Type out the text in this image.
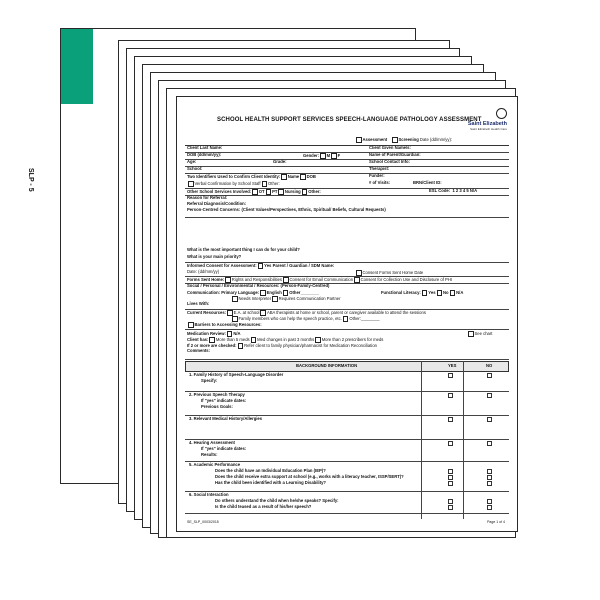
SLP - 5
SCHOOL HEALTH SUPPORT SERVICES SPEECH-LANGUAGE PATHOLOGY ASSESSMENT

Saint Elizabeth
Saint Elizabeth Health Care
Assessment	Screening Date (dd/mm/yy):
Client Last Name:	Client Given Name/s:
DOB (dd/mm/yy):	Gender: M F	Name of Parent/Guardian:
Age:	Grade:	School Contact Info:
School:	Therapist:
Two Identifiers Used to Confirm Client Identity: Name DOB	Funder:
Verbal Confirmation by School Staff Other:	# of Visits:	BRN/Client ID:
Other School Services Involved: OT PT Nursing Other:	ESL Code: 1 2 3 4 5 N/A
Reason for Referral:
Referral Diagnosis/Condition:
Person-Centred Concerns: (Client Values/Perspectives, Ethnic, Spiritual/ Beliefs, Cultural Requests)
What is the most important thing I can do for your child?
What is your main priority?
Informed Consent for Assessment: Yes Parent / Guardian / SDM Name:
Date: (dd/mm/yy)	Consent Forms Sent Home Date
Forms Sent Home: Rights and Responsibilities Consent for Email Communication Consent for Collection Use and Disclosure of PHI
Social / Personal / Environmental / Resources: (Person-Family-Centred)
Communication: Primary Language: English Other________	Functional Literacy: Yes No N/A
Needs Interpreter Requires Communication Partner
Lives With:
Current Resources: E.A. at school ABA therapists at home or school, parent or caregiver available to attend the sessions
Family members who can help the speech practice, etc. Other:________
Barriers to Accessing Resources:
Medication Review: N/A	See chart
Client has: More than 5 meds Med changes in past 3 months More than 2 prescribers for meds
If 2 or more are checked: Refer client to family physician/pharmacist for Medication Reconciliation
Comments:
BACKGROUND INFORMATION	YES	NO
1. Family History of Speech-Language Disorder
Specify:
2. Previous Speech Therapy
If "yes" indicate dates:
Previous Goals:
3. Relevant Medical History/Allergies
4. Hearing Assessment
If "yes" indicate dates:
Results:
5. Academic Performance
Does the child have an Individual Education Plan (IEP)?
Does the child receive extra support at school (e.g., works with a literacy teacher, ISSP/SERT)?
Has the child been identified with a Learning Disability?
6. Social Interaction
Do others understand the child when he/she speaks? Specify:
Is the child teased as a result of his/her speech?
SE_SLP_0003/2015	Page 1 of 4
